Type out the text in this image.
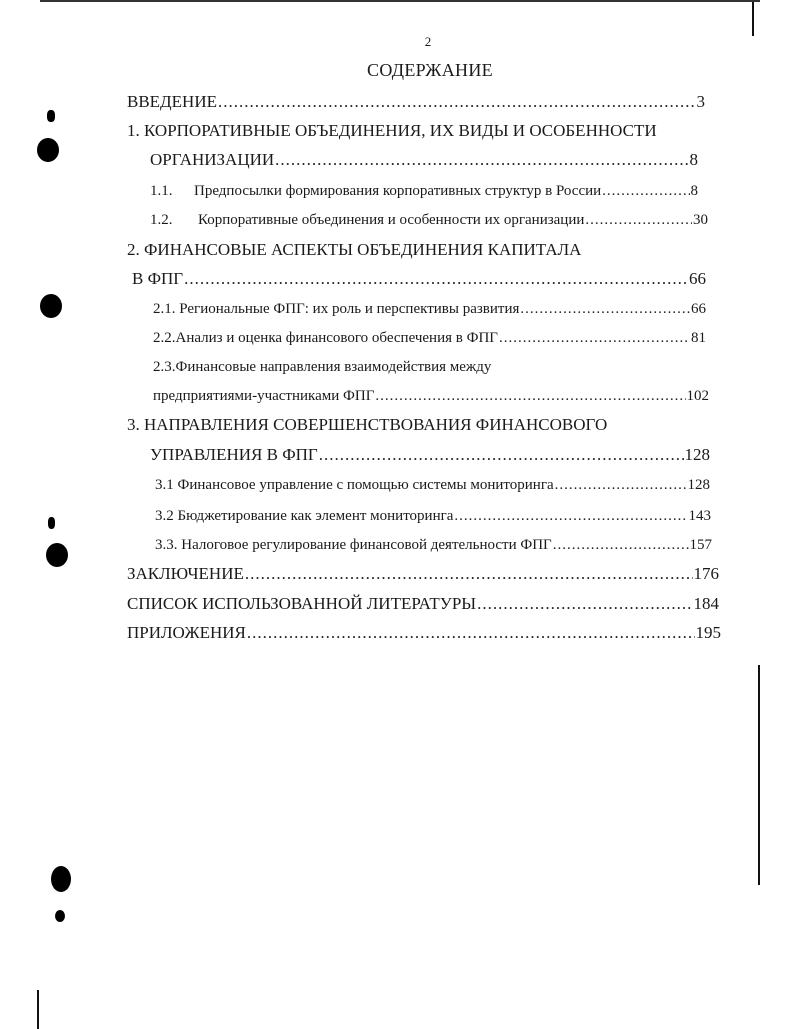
2
СОДЕРЖАНИЕ
ВВЕДЕНИЕ .....	3
1. КОРПОРАТИВНЫЕ ОБЪЕДИНЕНИЯ, ИХ ВИДЫ И ОСОБЕННОСТИ
ОРГАНИЗАЦИИ .....	8
1.1.	Предпосылки формирования корпоративных структур в России .....	8
1.2.	Корпоративные объединения и особенности их организации .....	30
2. ФИНАНСОВЫЕ АСПЕКТЫ ОБЪЕДИНЕНИЯ КАПИТАЛА
В ФПГ .....	66
2.1. Региональные ФПГ: их роль и перспективы развития .....	66
2.2.Анализ и оценка финансового обеспечения в ФПГ .....	81
2.3.Финансовые направления взаимодействия между
предприятиями-участниками ФПГ .....	102
3. НАПРАВЛЕНИЯ СОВЕРШЕНСТВОВАНИЯ ФИНАНСОВОГО
УПРАВЛЕНИЯ В ФПГ .....	128
3.1 Финансовое управление с помощью системы мониторинга .....	128
3.2 Бюджетирование как элемент мониторинга .....	143
3.3. Налоговое регулирование финансовой деятельности ФПГ .....	157
ЗАКЛЮЧЕНИЕ .....	176
СПИСОК ИСПОЛЬЗОВАННОЙ ЛИТЕРАТУРЫ .....	184
ПРИЛОЖЕНИЯ .....	195
